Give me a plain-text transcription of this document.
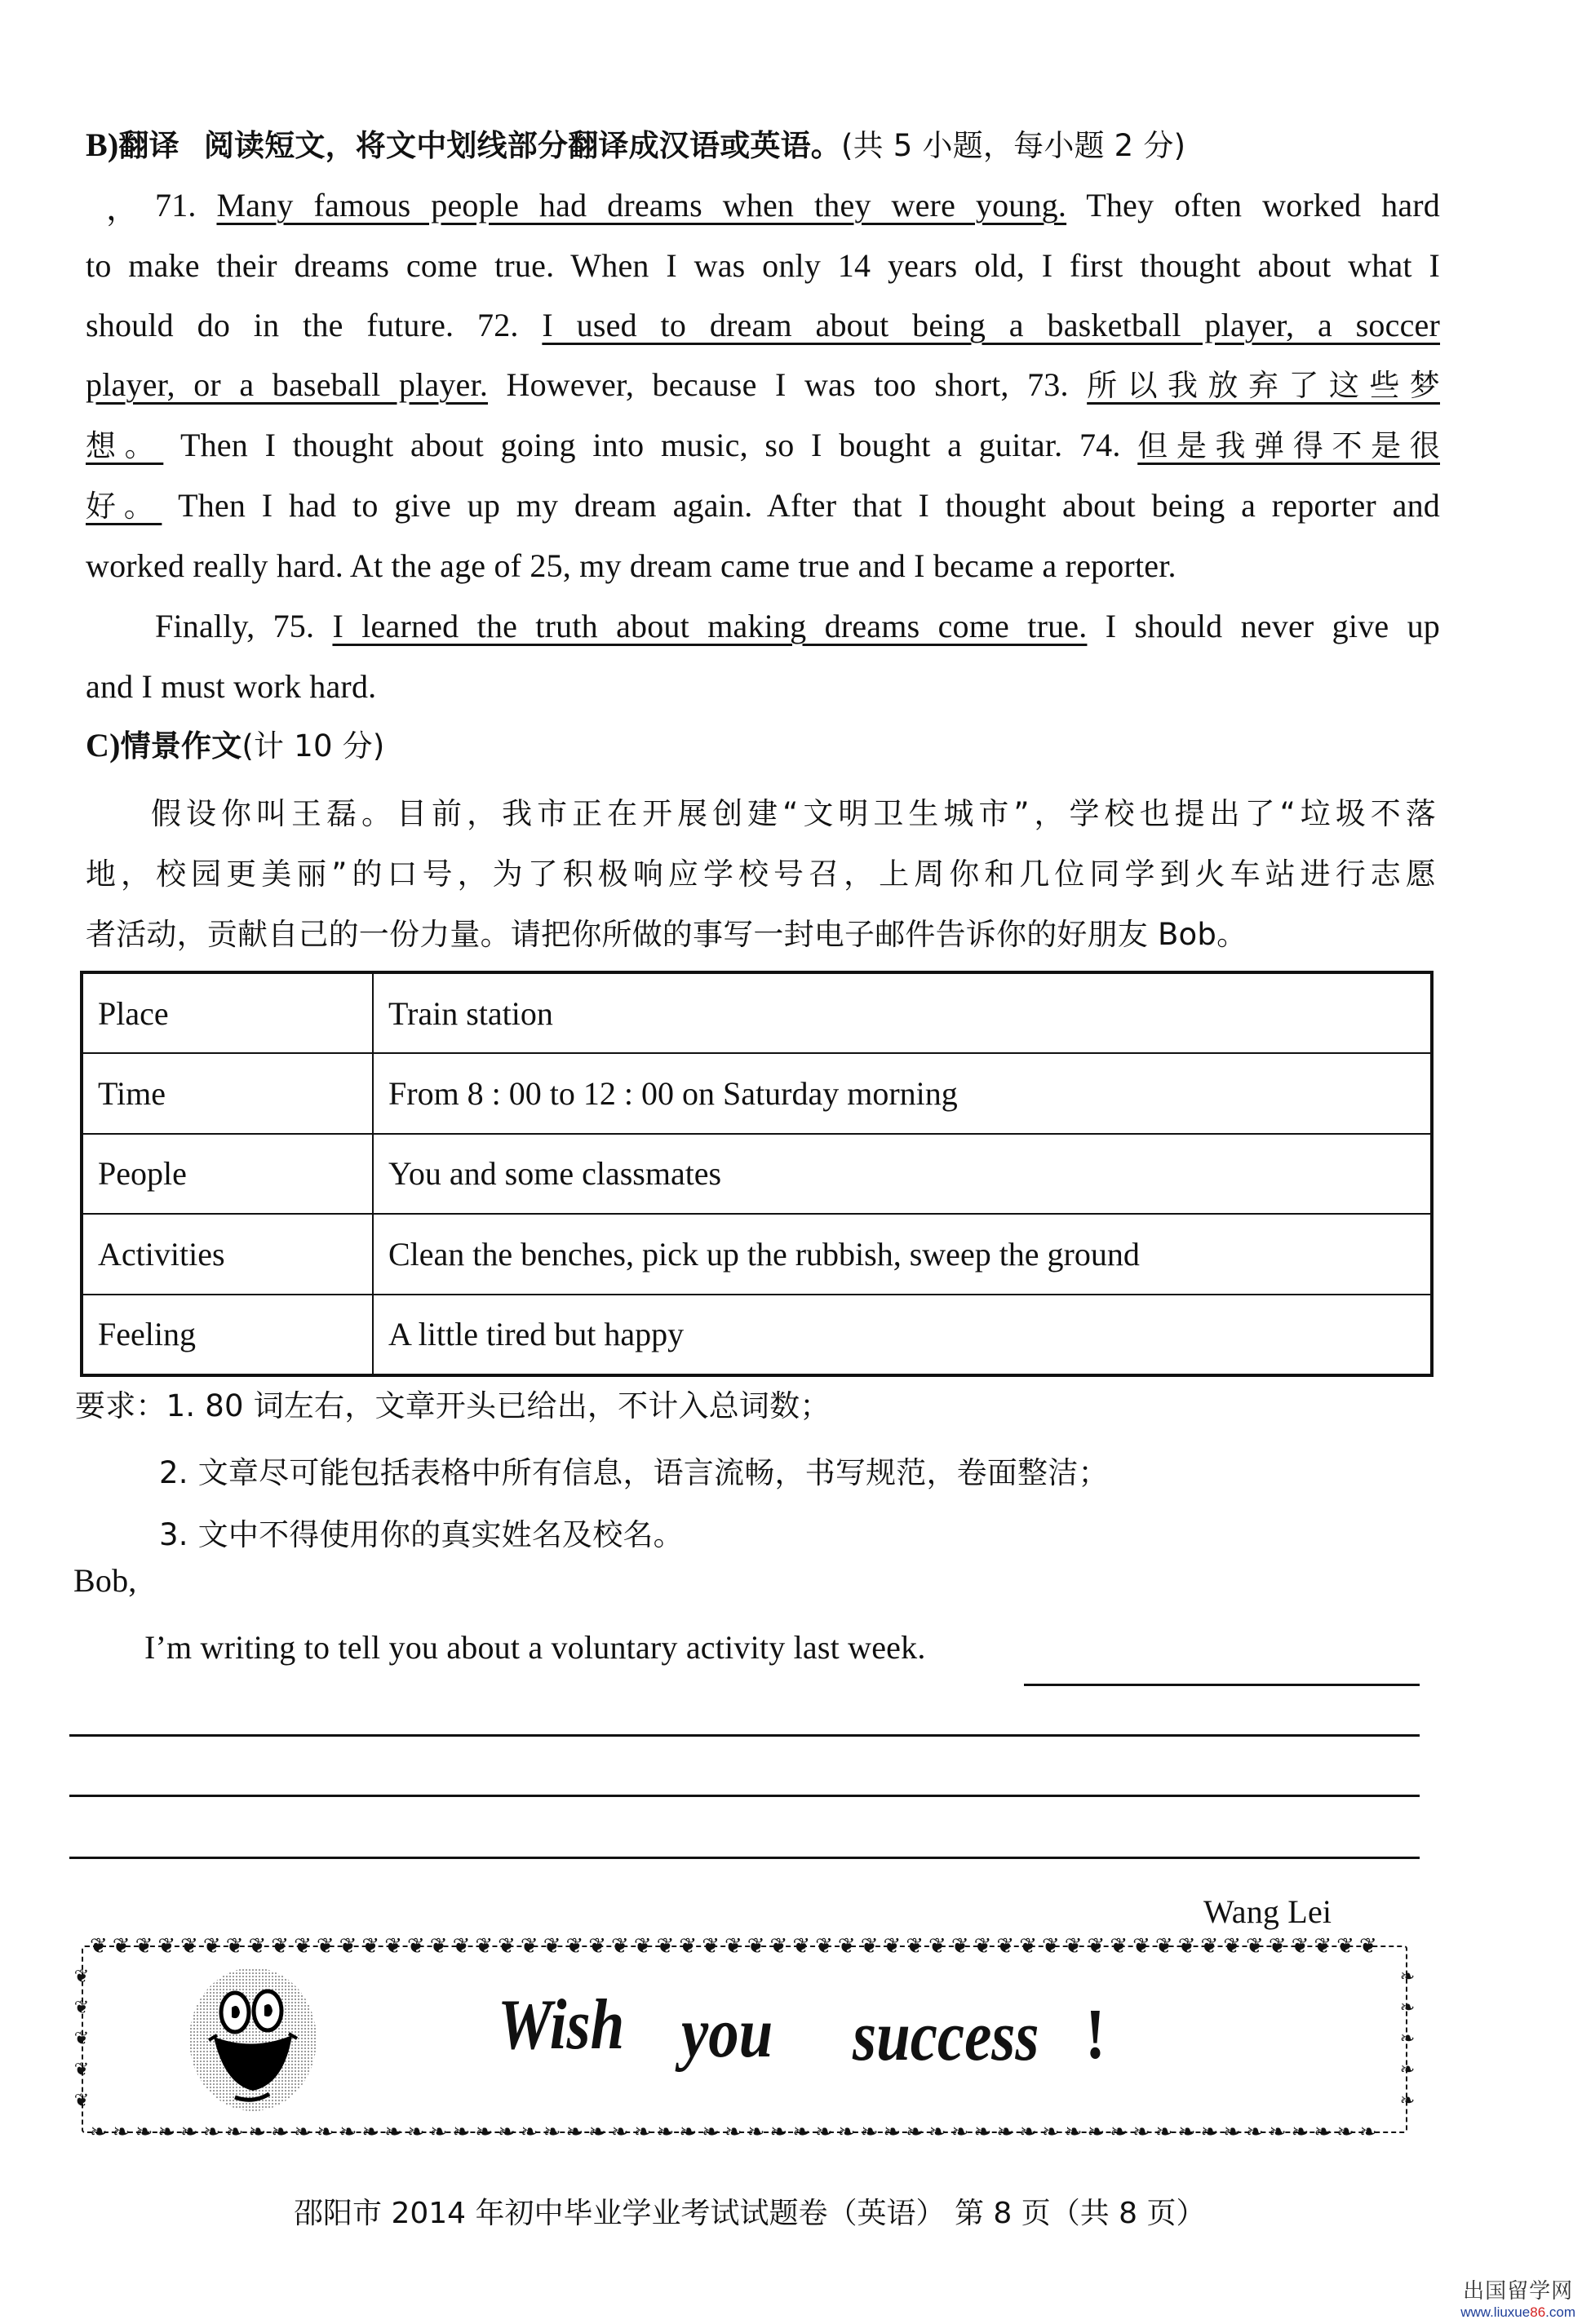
B)翻译 阅读短文，将文中划线部分翻译成汉语或英语。(共 5 小题，每小题 2 分)
， 71. Many famous people had dreams when they were young. They often worked hard
to make their dreams come true. When I was only 14 years old, I first thought about what I
should do in the future. 72. I used to dream about being a basketball player, a soccer
player, or a baseball player. However, because I was too short, 73. 所以我放弃了这些梦
想。 Then I thought about going into music, so I bought a guitar. 74. 但是我弹得不是很
好。 Then I had to give up my dream again. After that I thought about being a reporter and
worked really hard. At the age of 25, my dream came true and I became a reporter.
Finally, 75. I learned the truth about making dreams come true. I should never give up
and I must work hard.
C)情景作文(计 10 分)
假设你叫王磊。目前，我市正在开展创建“文明卫生城市”，学校也提出了“垃圾不落
地，校园更美丽”的口号，为了积极响应学校号召，上周你和几位同学到火车站进行志愿
者活动，贡献自己的一份力量。请把你所做的事写一封电子邮件告诉你的好朋友 Bob。
Place	Train station
Time	From 8 : 00 to 12 : 00 on Saturday morning
People	You and some classmates
Activities	Clean the benches, pick up the rubbish, sweep the ground
Feeling	A little tired but happy
要求：1. 80 词左右，文章开头已给出，不计入总词数；
2. 文章尽可能包括表格中所有信息，语言流畅，书写规范，卷面整洁；
3. 文中不得使用你的真实姓名及校名。
Bob,
I’m writing to tell you about a voluntary activity last week.
Wang Lei
❦❦❦❦❦❦❦❦❦❦❦❦❦❦❦❦❦❦❦❦❦❦❦❦❦❦❦❦❦❦❦❦❦❦❦❦❦❦❦❦❦❦❦❦❦❦❦❦❦❦❦❦❦❦❦❦❦
❧❧❧❧❧❧❧❧❧❧❧❧❧❧❧❧❧❧❧❧❧❧❧❧❧❧❧❧❧❧❧❧❧❧❧❧❧❧❧❧❧❧❧❧❧❧❧❧❧❧❧❧❧❧❧❧❧
❦
❦
❦
❦
❦
❧
❧
❧
❧
❧
Wish you success !
邵阳市 2014 年初中毕业学业考试试题卷（英语） 第 8 页（共 8 页）
出国留学网
www.liuxue86.com
